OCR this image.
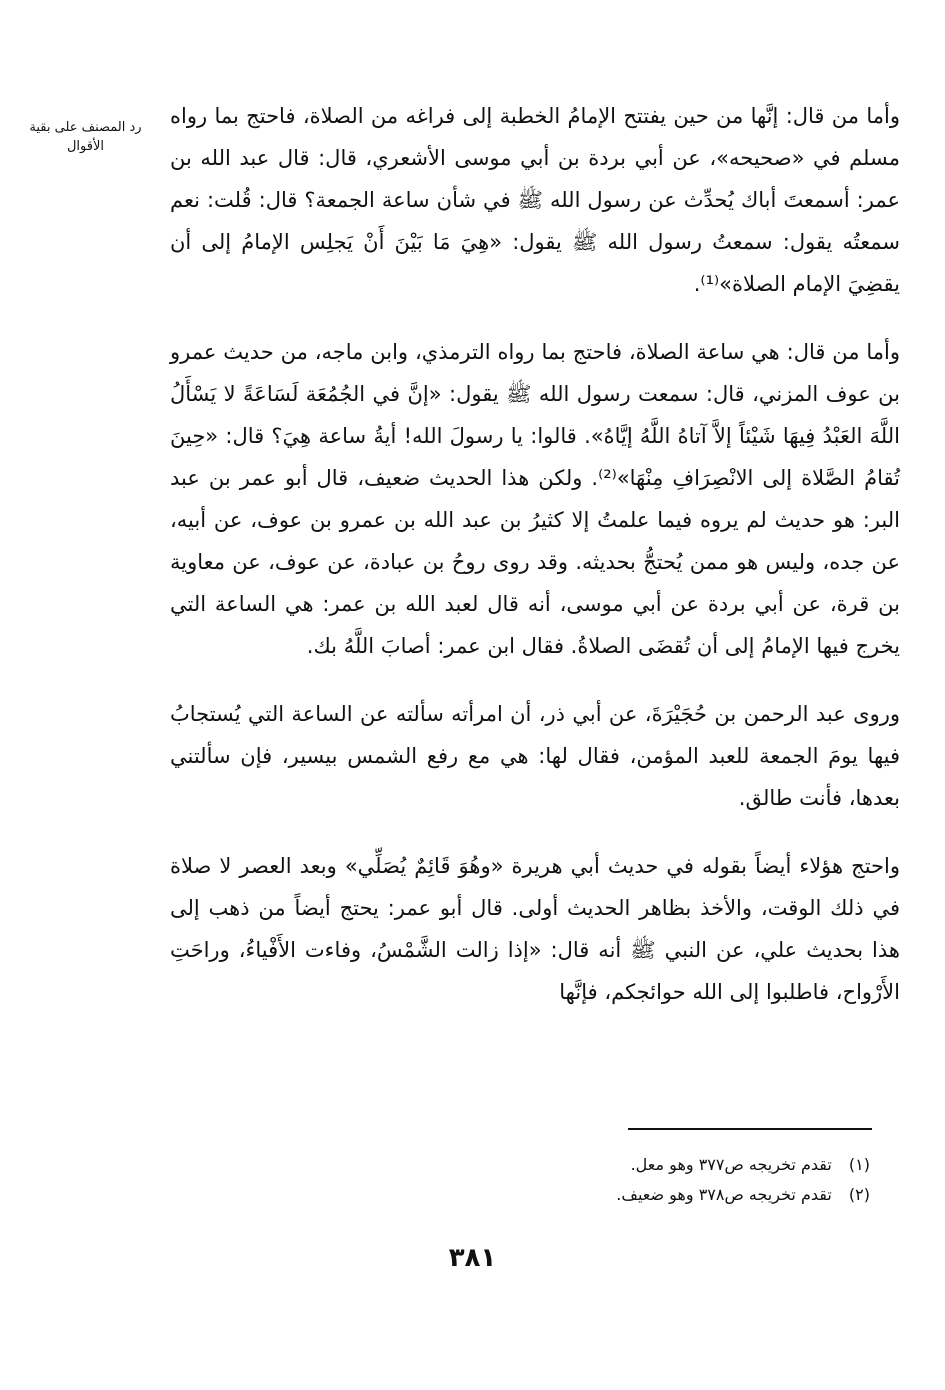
رد المصنف على بقية الأقوال

وأما من قال: إنَّها من حين يفتتح الإمامُ الخطبة إلى فراغه من الصلاة، فاحتج بما رواه مسلم في «صحيحه»، عن أبي بردة بن أبي موسى الأشعري، قال: قال عبد الله بن عمر: أسمعتَ أباك يُحدِّث عن رسول الله ﷺ في شأن ساعة الجمعة؟ قال: قُلت: نعم سمعتُه يقول: سمعتُ رسول الله ﷺ يقول: «هِيَ مَا بَيْنَ أَنْ يَجلِس الإمامُ إلى أن يقضِيَ الإمام الصلاة»⁽¹⁾.

وأما من قال: هي ساعة الصلاة، فاحتج بما رواه الترمذي، وابن ماجه، من حديث عمرو بن عوف المزني، قال: سمعت رسول الله ﷺ يقول: «إنَّ في الجُمُعَة لَسَاعَةً لا يَسْأَلُ اللَّهَ العَبْدُ فِيهَا شَيْئاً إلاَّ آتاهُ اللَّهُ إيَّاهُ». قالوا: يا رسولَ الله! أيةُ ساعة هِيَ؟ قال: «حِينَ تُقامُ الصَّلاة إلى الانْصِرَافِ مِنْهَا»⁽²⁾. ولكن هذا الحديث ضعيف، قال أبو عمر بن عبد البر: هو حديث لم يروه فيما علمتُ إلا كثيرُ بن عبد الله بن عمرو بن عوف، عن أبيه، عن جده، وليس هو ممن يُحتجُّ بحديثه. وقد روى روحُ بن عبادة، عن عوف، عن معاوية بن قرة، عن أبي بردة عن أبي موسى، أنه قال لعبد الله بن عمر: هي الساعة التي يخرج فيها الإمامُ إلى أن تُقضَى الصلاةُ. فقال ابن عمر: أصابَ اللَّهُ بك.

وروى عبد الرحمن بن حُجَيْرَةَ، عن أبي ذر، أن امرأته سألته عن الساعة التي يُستجابُ فيها يومَ الجمعة للعبد المؤمن، فقال لها: هي مع رفع الشمس بيسير، فإن سألتني بعدها، فأنت طالق.

واحتج هؤلاء أيضاً بقوله في حديث أبي هريرة «وهُوَ قَائِمٌ يُصَلِّي» وبعد العصر لا صلاة في ذلك الوقت، والأخذ بظاهر الحديث أولى. قال أبو عمر: يحتج أيضاً من ذهب إلى هذا بحديث علي، عن النبي ﷺ أنه قال: «إذا زالت الشَّمْسُ، وفاءت الأَفْياءُ، وراحَتِ الأَرْواح، فاطلبوا إلى الله حوائجكم، فإنَّها

(١) تقدم تخريجه ص٣٧٧ وهو معل.
(٢) تقدم تخريجه ص٣٧٨ وهو ضعيف.
٣٨١
